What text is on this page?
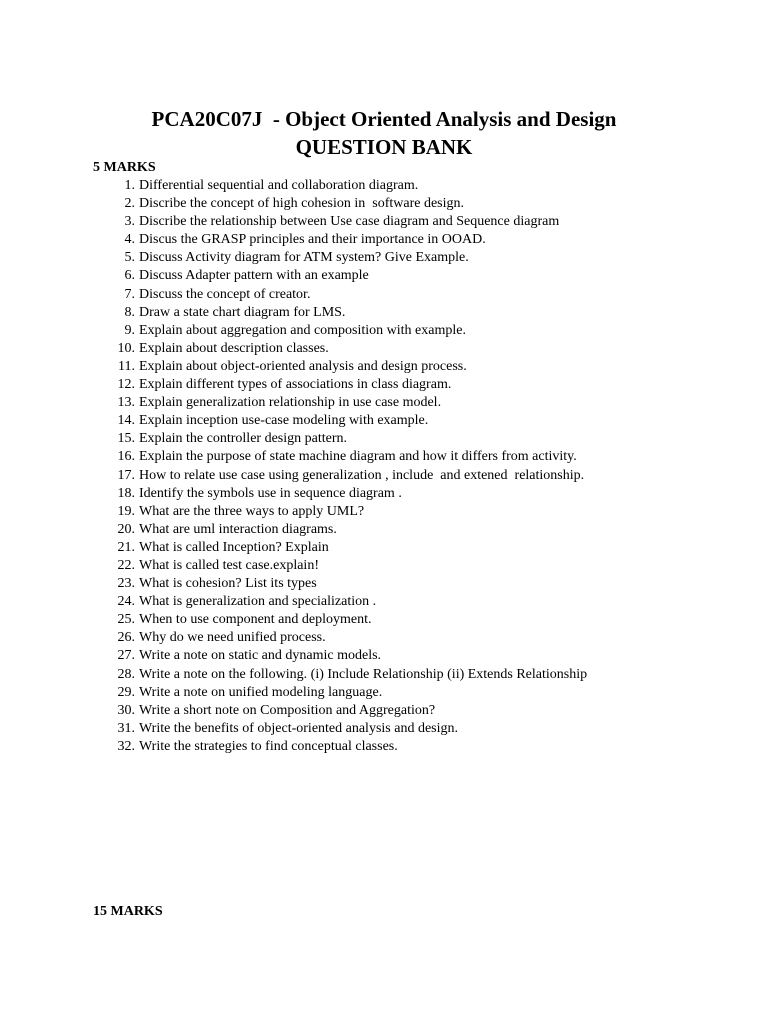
PCA20C07J  - Object Oriented Analysis and Design
QUESTION BANK
5 MARKS
1. Differential sequential and collaboration diagram.
2. Discribe the concept of high cohesion in  software design.
3. Discribe the relationship between Use case diagram and Sequence diagram
4. Discus the GRASP principles and their importance in OOAD.
5. Discuss Activity diagram for ATM system? Give Example.
6. Discuss Adapter pattern with an example
7. Discuss the concept of creator.
8. Draw a state chart diagram for LMS.
9. Explain about aggregation and composition with example.
10. Explain about description classes.
11. Explain about object-oriented analysis and design process.
12. Explain different types of associations in class diagram.
13. Explain generalization relationship in use case model.
14. Explain inception use-case modeling with example.
15. Explain the controller design pattern.
16. Explain the purpose of state machine diagram and how it differs from activity.
17. How to relate use case using generalization , include  and extened  relationship.
18. Identify the symbols use in sequence diagram .
19. What are the three ways to apply UML?
20. What are uml interaction diagrams.
21. What is called Inception? Explain
22. What is called test case.explain!
23. What is cohesion? List its types
24. What is generalization and specialization .
25. When to use component and deployment.
26. Why do we need unified process.
27. Write a note on static and dynamic models.
28. Write a note on the following. (i) Include Relationship (ii) Extends Relationship
29. Write a note on unified modeling language.
30. Write a short note on Composition and Aggregation?
31. Write the benefits of object-oriented analysis and design.
32. Write the strategies to find conceptual classes.
15 MARKS
